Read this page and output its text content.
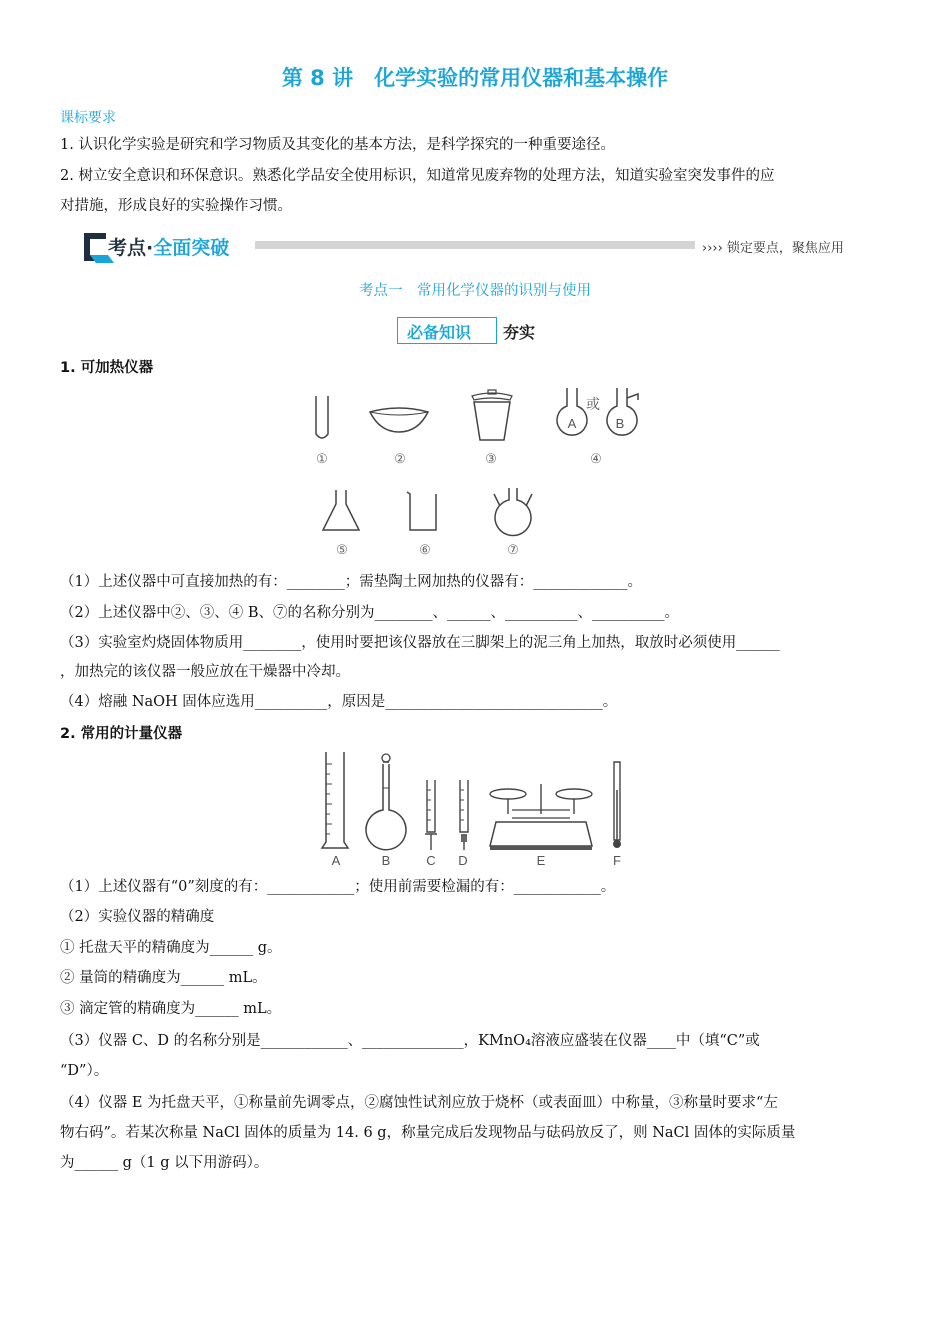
第 8 讲　化学实验的常用仪器和基本操作
课标要求
1. 认识化学实验是研究和学习物质及其变化的基本方法，是科学探究的一种重要途径。
2. 树立安全意识和环保意识。熟悉化学品安全使用标识，知道常见废弃物的处理方法，知道实验室突发事件的应
对措施，形成良好的实验操作习惯。
考点·全面突破	›››› 锁定要点，聚焦应用
考点一　常用化学仪器的识别与使用
必备知识 夯实
1. 可加热仪器
A	B
或
①	②	③	④
⑤	⑥	⑦
（1）上述仪器中可直接加热的有：________；需垫陶土网加热的仪器有：_____________。
（2）上述仪器中②、③、④ B、⑦的名称分别为________、______、__________、__________。
（3）实验室灼烧固体物质用________，使用时要把该仪器放在三脚架上的泥三角上加热，取放时必须使用______
，加热完的该仪器一般应放在干燥器中冷却。
（4）熔融 NaOH 固体应选用__________，原因是______________________________。
2. 常用的计量仪器
A	B	C D	E	F
（1）上述仪器有“0”刻度的有：____________；使用前需要检漏的有：____________。
（2）实验仪器的精确度
① 托盘天平的精确度为______ g。
② 量筒的精确度为______ mL。
③ 滴定管的精确度为______ mL。
（3）仪器 C、D 的名称分别是____________、______________，KMnO₄溶液应盛装在仪器____中（填“C”或
“D”）。
（4）仪器 E 为托盘天平，①称量前先调零点，②腐蚀性试剂应放于烧杯（或表面皿）中称量，③称量时要求“左
物右码”。若某次称量 NaCl 固体的质量为 14. 6 g，称量完成后发现物品与砝码放反了，则 NaCl 固体的实际质量
为______ g（1 g 以下用游码）。
